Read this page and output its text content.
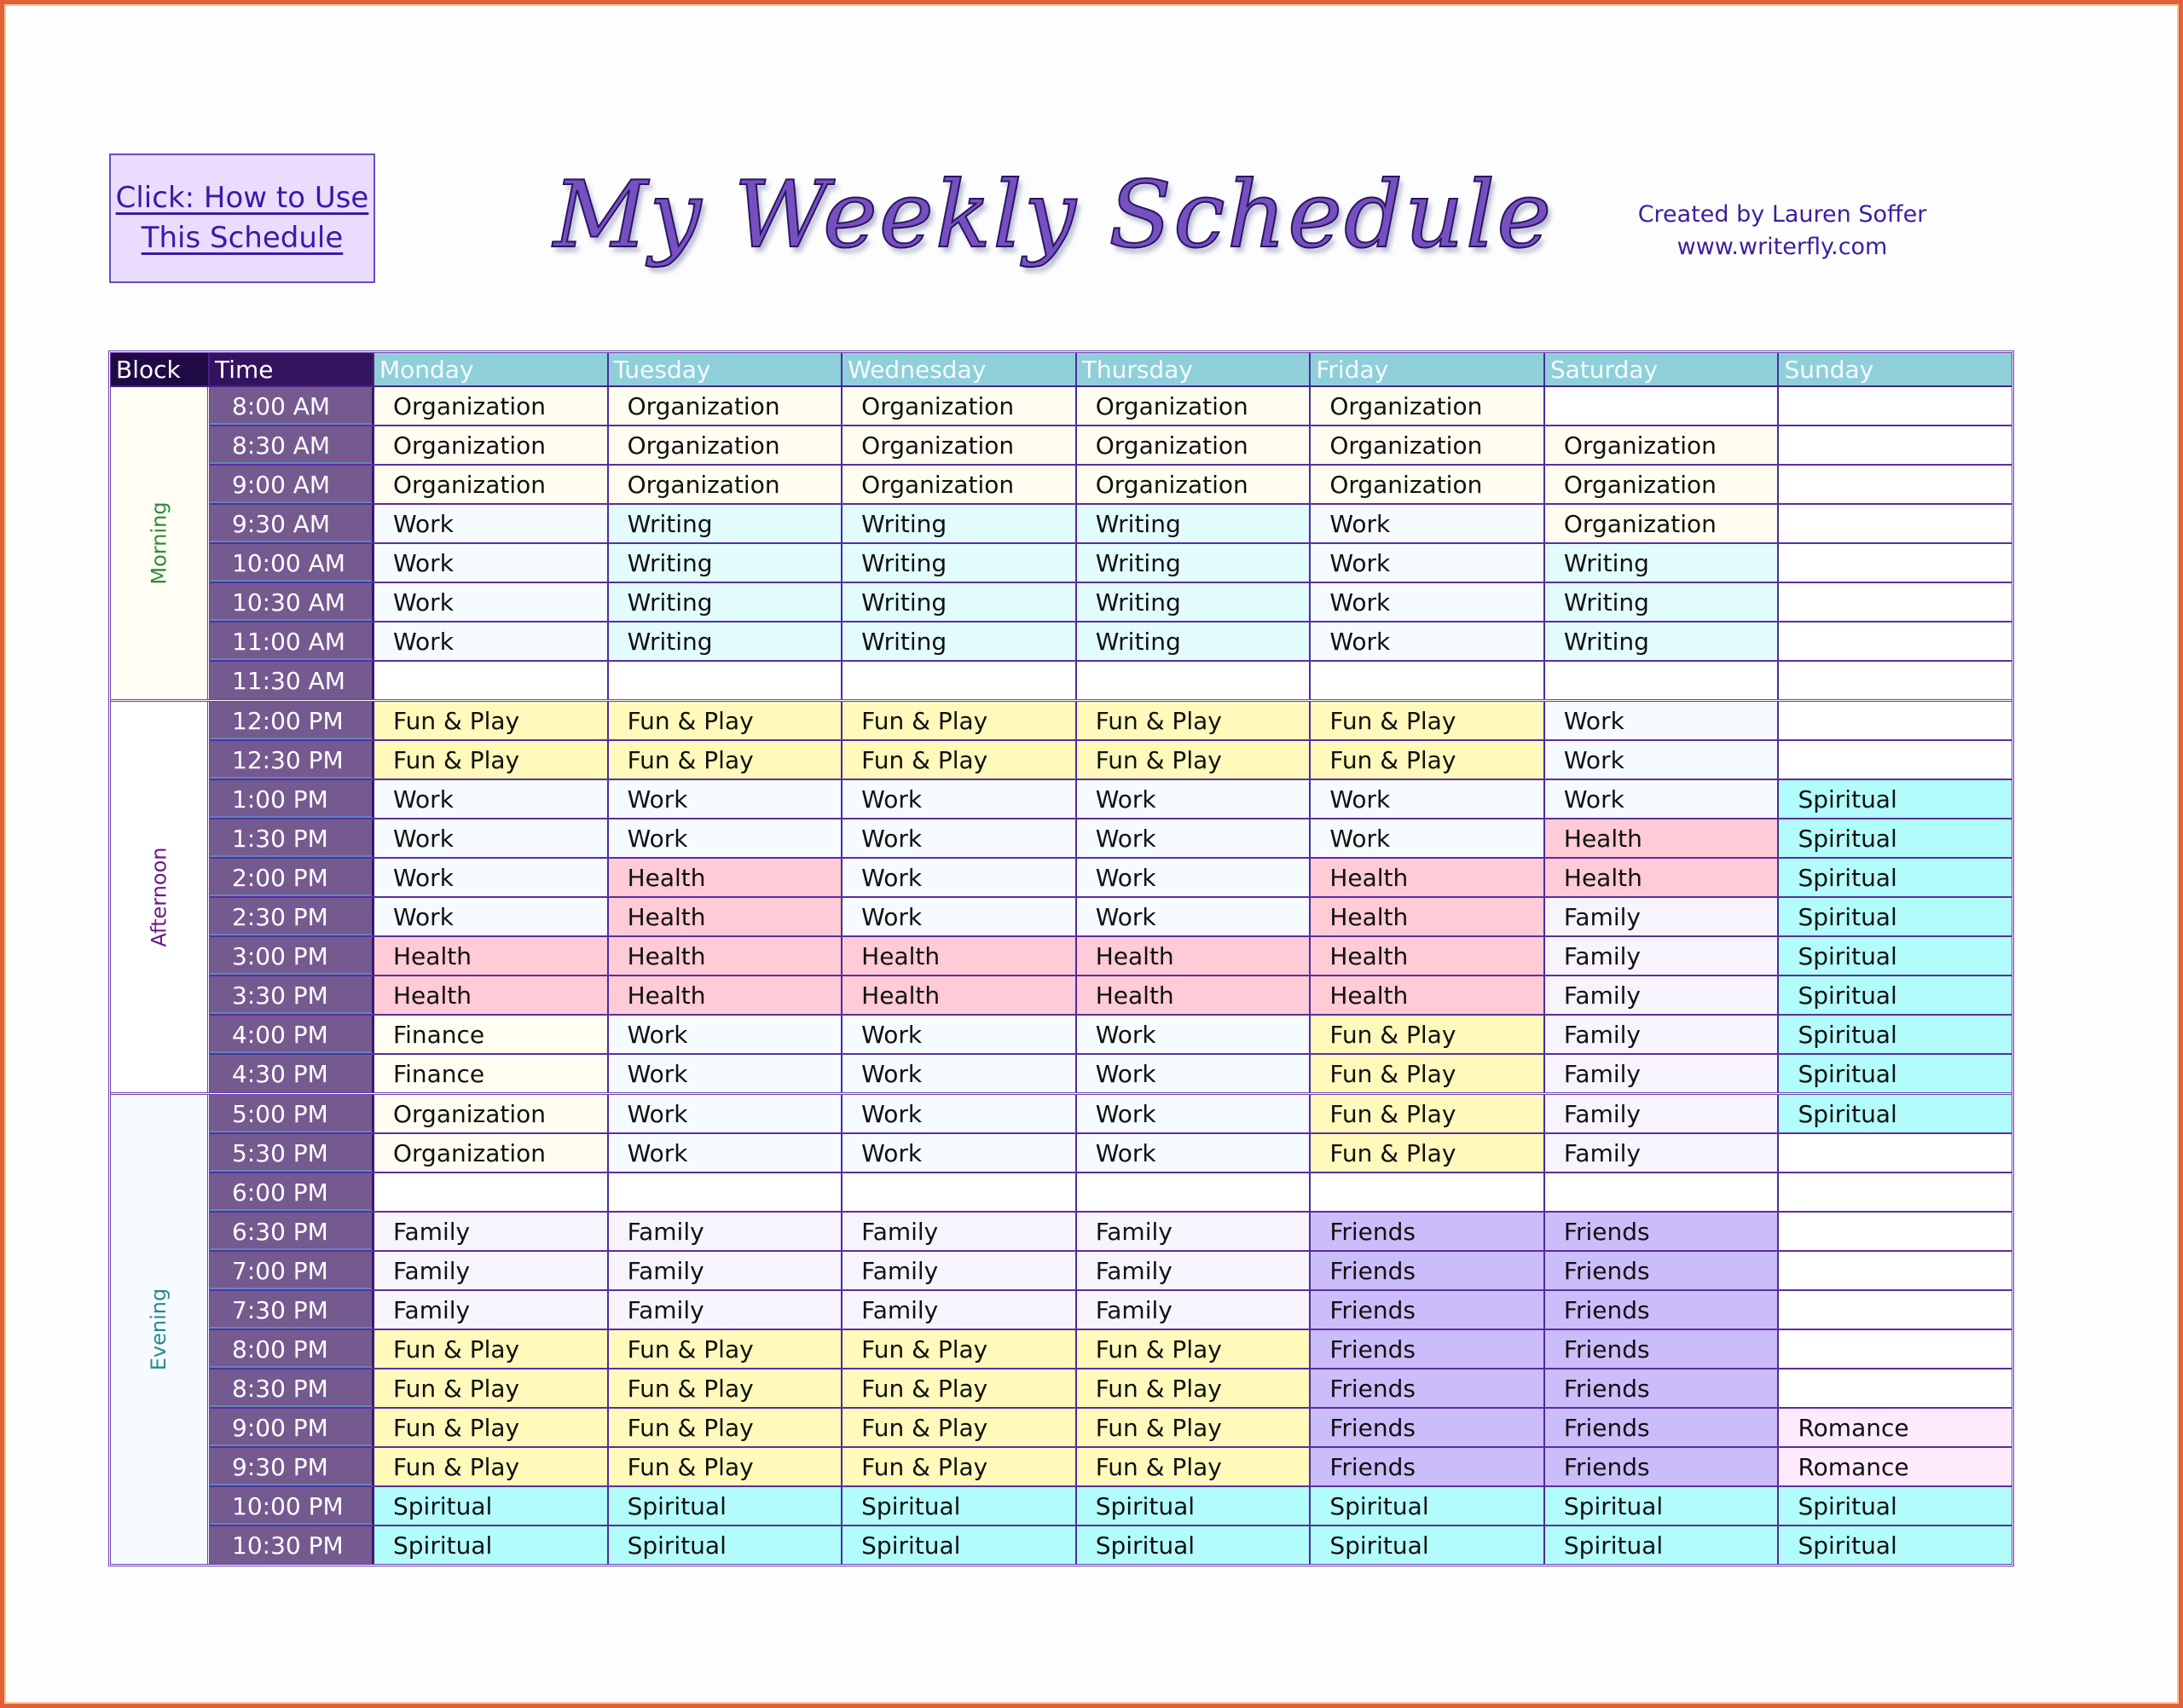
Click: How to Use
This Schedule My Weekly Schedule	Created by Lauren Soffer
www.writerfly.com
Block	Time	Monday	Tuesday	Wednesday	Thursday	Friday	Saturday	Sunday
Morning
8:00 AM	Organization	Organization	Organization	Organization	Organization
8:30 AM	Organization	Organization	Organization	Organization	Organization	Organization
9:00 AM	Organization	Organization	Organization	Organization	Organization	Organization
9:30 AM	Work	Writing	Writing	Writing	Work	Organization
10:00 AM	Work	Writing	Writing	Writing	Work	Writing
10:30 AM	Work	Writing	Writing	Writing	Work	Writing
11:00 AM	Work	Writing	Writing	Writing	Work	Writing
11:30 AM
Afternoon
12:00 PM	Fun & Play	Fun & Play	Fun & Play	Fun & Play	Fun & Play	Work
12:30 PM	Fun & Play	Fun & Play	Fun & Play	Fun & Play	Fun & Play	Work
1:00 PM	Work	Work	Work	Work	Work	Work	Spiritual
1:30 PM	Work	Work	Work	Work	Work	Health	Spiritual
2:00 PM	Work	Health	Work	Work	Health	Health	Spiritual
2:30 PM	Work	Health	Work	Work	Health	Family	Spiritual
3:00 PM	Health	Health	Health	Health	Health	Family	Spiritual
3:30 PM	Health	Health	Health	Health	Health	Family	Spiritual
4:00 PM	Finance	Work	Work	Work	Fun & Play	Family	Spiritual
4:30 PM	Finance	Work	Work	Work	Fun & Play	Family	Spiritual
Evening
5:00 PM	Organization	Work	Work	Work	Fun & Play	Family	Spiritual
5:30 PM	Organization	Work	Work	Work	Fun & Play	Family
6:00 PM
6:30 PM	Family	Family	Family	Family	Friends	Friends
7:00 PM	Family	Family	Family	Family	Friends	Friends
7:30 PM	Family	Family	Family	Family	Friends	Friends
8:00 PM	Fun & Play	Fun & Play	Fun & Play	Fun & Play	Friends	Friends
8:30 PM	Fun & Play	Fun & Play	Fun & Play	Fun & Play	Friends	Friends
9:00 PM	Fun & Play	Fun & Play	Fun & Play	Fun & Play	Friends	Friends	Romance
9:30 PM	Fun & Play	Fun & Play	Fun & Play	Fun & Play	Friends	Friends	Romance
10:00 PM	Spiritual	Spiritual	Spiritual	Spiritual	Spiritual	Spiritual	Spiritual
10:30 PM	Spiritual	Spiritual	Spiritual	Spiritual	Spiritual	Spiritual	Spiritual
